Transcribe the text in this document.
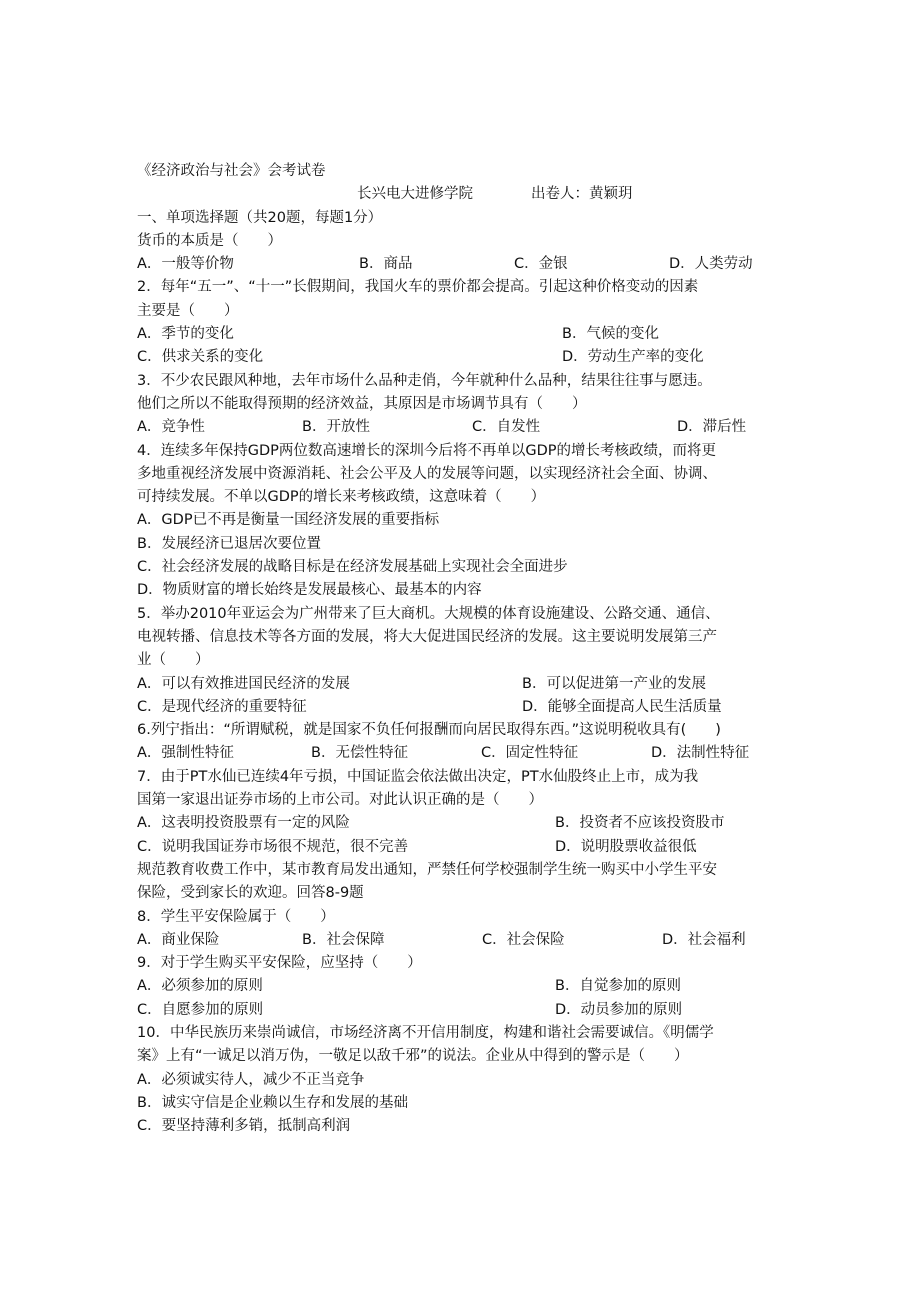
《经济政治与社会》会考试卷
长兴电大进修学院	出卷人：黄颖玥
一、单项选择题（共20题，每题1分）
货币的本质是（　　）
A．一般等价物	B．商品	C．金银	D．人类劳动
2．每年“五一”、“十一”长假期间，我国火车的票价都会提高。引起这种价格变动的因素
主要是（　　）
A．季节的变化	B．气候的变化
C．供求关系的变化	D．劳动生产率的变化
3．不少农民跟风种地，去年市场什么品种走俏，今年就种什么品种，结果往往事与愿违。
他们之所以不能取得预期的经济效益，其原因是市场调节具有（　　）
A．竞争性	B．开放性	C．自发性	D．滞后性
4．连续多年保持GDP两位数高速增长的深圳今后将不再单以GDP的增长考核政绩，而将更
多地重视经济发展中资源消耗、社会公平及人的发展等问题，以实现经济社会全面、协调、
可持续发展。不单以GDP的增长来考核政绩，这意味着（　　）
A．GDP已不再是衡量一国经济发展的重要指标
B．发展经济已退居次要位置
C．社会经济发展的战略目标是在经济发展基础上实现社会全面进步
D．物质财富的增长始终是发展最核心、最基本的内容
5．举办2010年亚运会为广州带来了巨大商机。大规模的体育设施建设、公路交通、通信、
电视转播、信息技术等各方面的发展，将大大促进国民经济的发展。这主要说明发展第三产
业（　　）
A．可以有效推进国民经济的发展	B．可以促进第一产业的发展
C．是现代经济的重要特征	D．能够全面提高人民生活质量
6.列宁指出：“所谓赋税，就是国家不负任何报酬而向居民取得东西。”这说明税收具有(　　)
A．强制性特征	B．无偿性特征	C．固定性特征	D．法制性特征
7．由于PT水仙已连续4年亏损，中国证监会依法做出决定，PT水仙股终止上市，成为我
国第一家退出证券市场的上市公司。对此认识正确的是（　　）
A．这表明投资股票有一定的风险	B．投资者不应该投资股市
C．说明我国证券市场很不规范，很不完善	D．说明股票收益很低
规范教育收费工作中，某市教育局发出通知，严禁任何学校强制学生统一购买中小学生平安
保险，受到家长的欢迎。回答8-9题
8．学生平安保险属于（　　）
A．商业保险	B．社会保障	C．社会保险	D．社会福利
9．对于学生购买平安保险，应坚持（　　）
A．必须参加的原则	B．自觉参加的原则
C．自愿参加的原则	D．动员参加的原则
10．中华民族历来崇尚诚信，市场经济离不开信用制度，构建和谐社会需要诚信。《明儒学
案》上有“一诚足以消万伪，一敬足以敌千邪”的说法。企业从中得到的警示是（　　）
A．必须诚实待人，减少不正当竞争
B．诚实守信是企业赖以生存和发展的基础
C．要坚持薄利多销，抵制高利润
